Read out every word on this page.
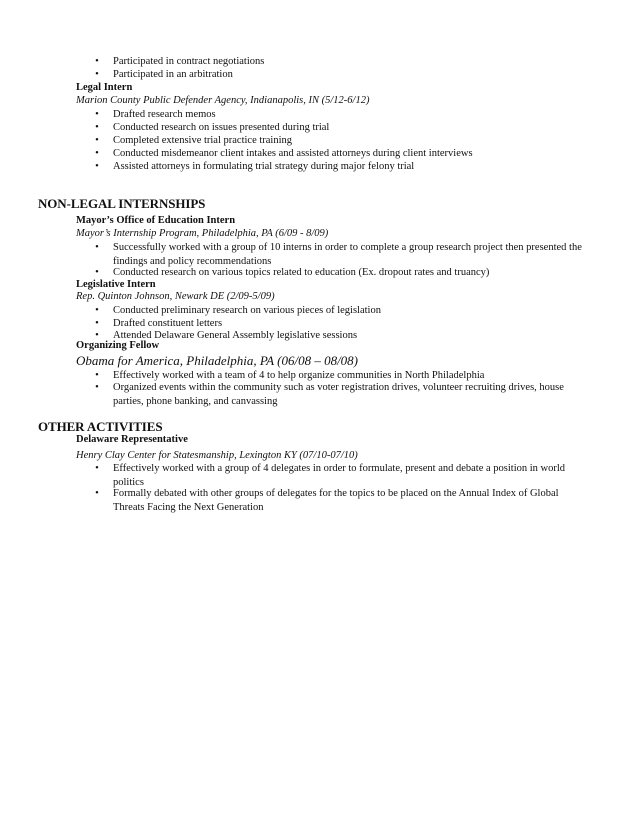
•	Participated in contract negotiations
•	Participated in an arbitration
Legal Intern
Marion County Public Defender Agency, Indianapolis, IN (5/12-6/12)
•	Drafted research memos
•	Conducted research on issues presented during trial
•	Completed extensive trial practice training
•	Conducted misdemeanor client intakes and assisted attorneys during client interviews
•	Assisted attorneys in formulating trial strategy during major felony trial
NON-LEGAL INTERNSHIPS
Mayor’s Office of Education Intern
Mayor’s Internship Program, Philadelphia, PA (6/09 - 8/09)
•	Successfully worked with a group of 10 interns in order to complete a group research project then presented the findings and policy recommendations
•	Conducted research on various topics related to education (Ex. dropout rates and truancy)
Legislative Intern
Rep. Quinton Johnson, Newark DE (2/09-5/09)
•	Conducted preliminary research on various pieces of legislation
•	Drafted constituent letters
•	Attended Delaware General Assembly legislative sessions
Organizing Fellow
Obama for America, Philadelphia, PA (06/08 – 08/08)
•	Effectively worked with a team of 4 to help organize communities in North Philadelphia
•	Organized events within the community such as voter registration drives, volunteer recruiting drives, house parties, phone banking, and canvassing
OTHER ACTIVITIES
Delaware Representative
Henry Clay Center for Statesmanship, Lexington KY (07/10-07/10)
•	Effectively worked with a group of 4 delegates in order to formulate, present and debate a position in world politics
•	Formally debated with other groups of delegates for the topics to be placed on the Annual Index of Global Threats Facing the Next Generation
